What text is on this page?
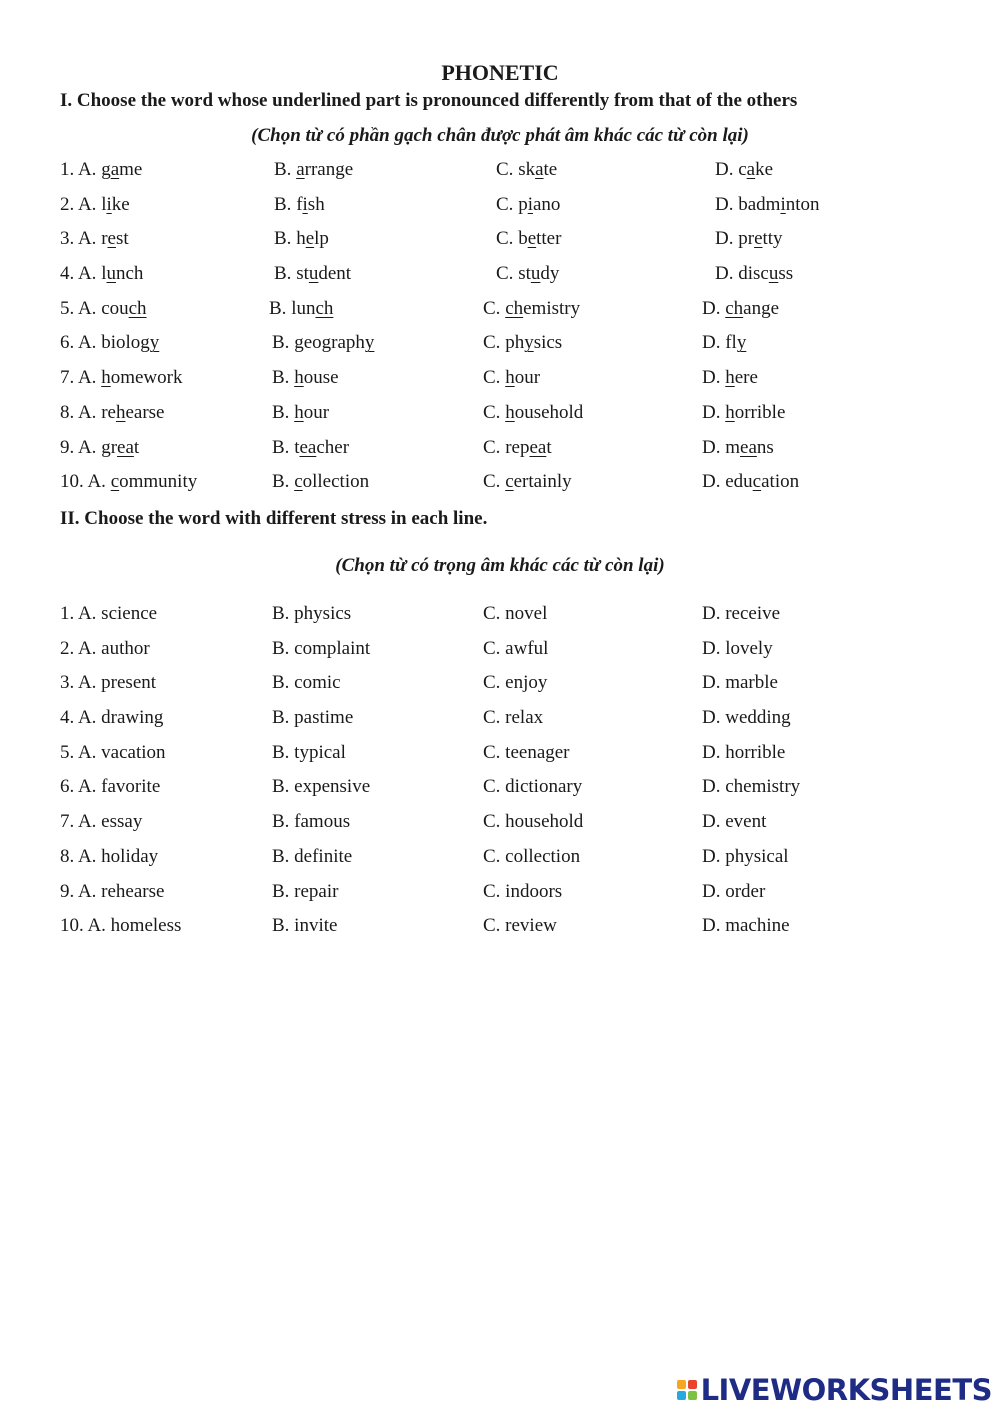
PHONETIC
I. Choose the word whose underlined part is pronounced differently from that of the others
(Chọn từ có phần gạch chân được phát âm khác các từ còn lại)
1. A. game	B. arrange	C. skate	D. cake
2. A. like	B. fish	C. piano	D. badminton
3. A. rest	B. help	C. better	D. pretty
4. A. lunch	B. student	C. study	D. discuss
5. A. couch	B. lunch	C. chemistry	D. change
6. A. biology	B. geography	C. physics	D. fly
7. A. homework	B. house	C. hour	D. here
8. A. rehearse	B. hour	C. household	D. horrible
9. A. great	B. teacher	C. repeat	D. means
10. A. community	B. collection	C. certainly	D. education
II. Choose the word with different stress in each line.
(Chọn từ có trọng âm khác các từ còn lại)
1. A. science	B. physics	C. novel	D. receive
2. A. author	B. complaint	C. awful	D. lovely
3. A. present	B. comic	C. enjoy	D. marble
4. A. drawing	B. pastime	C. relax	D. wedding
5. A. vacation	B. typical	C. teenager	D. horrible
6. A. favorite	B. expensive	C. dictionary	D. chemistry
7. A. essay	B. famous	C. household	D. event
8. A. holiday	B. definite	C. collection	D. physical
9. A. rehearse	B. repair	C. indoors	D. order
10. A. homeless	B. invite	C. review	D. machine
LIVEWORKSHEETS
